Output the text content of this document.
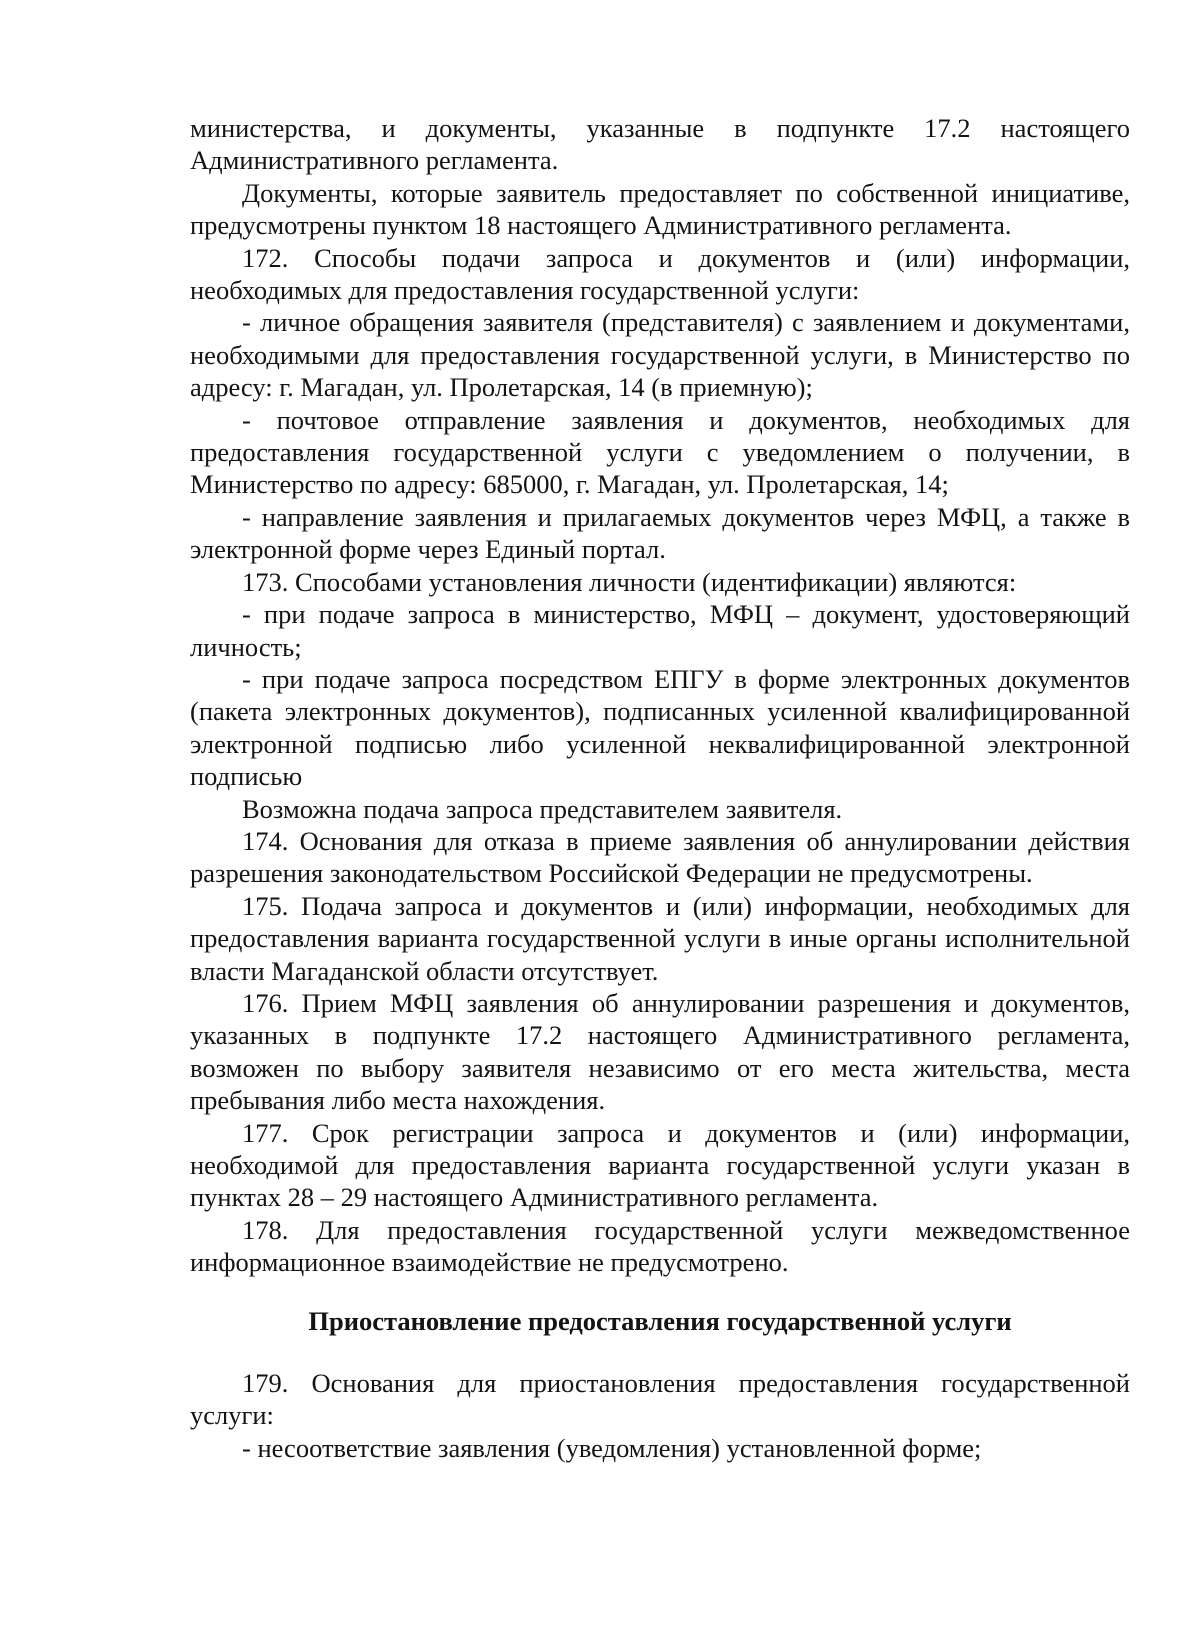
министерства, и документы, указанные в подпункте 17.2 настоящего Административного регламента.

Документы, которые заявитель предоставляет по собственной инициативе, предусмотрены пунктом 18 настоящего Административного регламента.

172. Способы подачи запроса и документов и (или) информации, необходимых для предоставления государственной услуги:

- личное обращения заявителя (представителя) с заявлением и документами, необходимыми для предоставления государственной услуги, в Министерство по адресу: г. Магадан, ул. Пролетарская, 14 (в приемную);

- почтовое отправление заявления и документов, необходимых для предоставления государственной услуги с уведомлением о получении, в Министерство по адресу: 685000, г. Магадан, ул. Пролетарская, 14;

- направление заявления и прилагаемых документов через МФЦ, а также в электронной форме через Единый портал.

173. Способами установления личности (идентификации) являются:

- при подаче запроса в министерство, МФЦ – документ, удостоверяющий личность;

- при подаче запроса посредством ЕПГУ в форме электронных документов (пакета электронных документов), подписанных усиленной квалифицированной электронной подписью либо усиленной неквалифицированной электронной подписью

Возможна подача запроса представителем заявителя.

174. Основания для отказа в приеме заявления об аннулировании действия разрешения законодательством Российской Федерации не предусмотрены.

175. Подача запроса и документов и (или) информации, необходимых для предоставления варианта государственной услуги в иные органы исполнительной власти Магаданской области отсутствует.

176. Прием МФЦ заявления об аннулировании разрешения и документов, указанных в подпункте 17.2 настоящего Административного регламента, возможен по выбору заявителя независимо от его места жительства, места пребывания либо места нахождения.

177. Срок регистрации запроса и документов и (или) информации, необходимой для предоставления варианта государственной услуги указан в пунктах 28 – 29 настоящего Административного регламента.

178. Для предоставления государственной услуги межведомственное информационное взаимодействие не предусмотрено.

Приостановление предоставления государственной услуги

179. Основания для приостановления предоставления государственной услуги:

- несоответствие заявления (уведомления) установленной форме;
